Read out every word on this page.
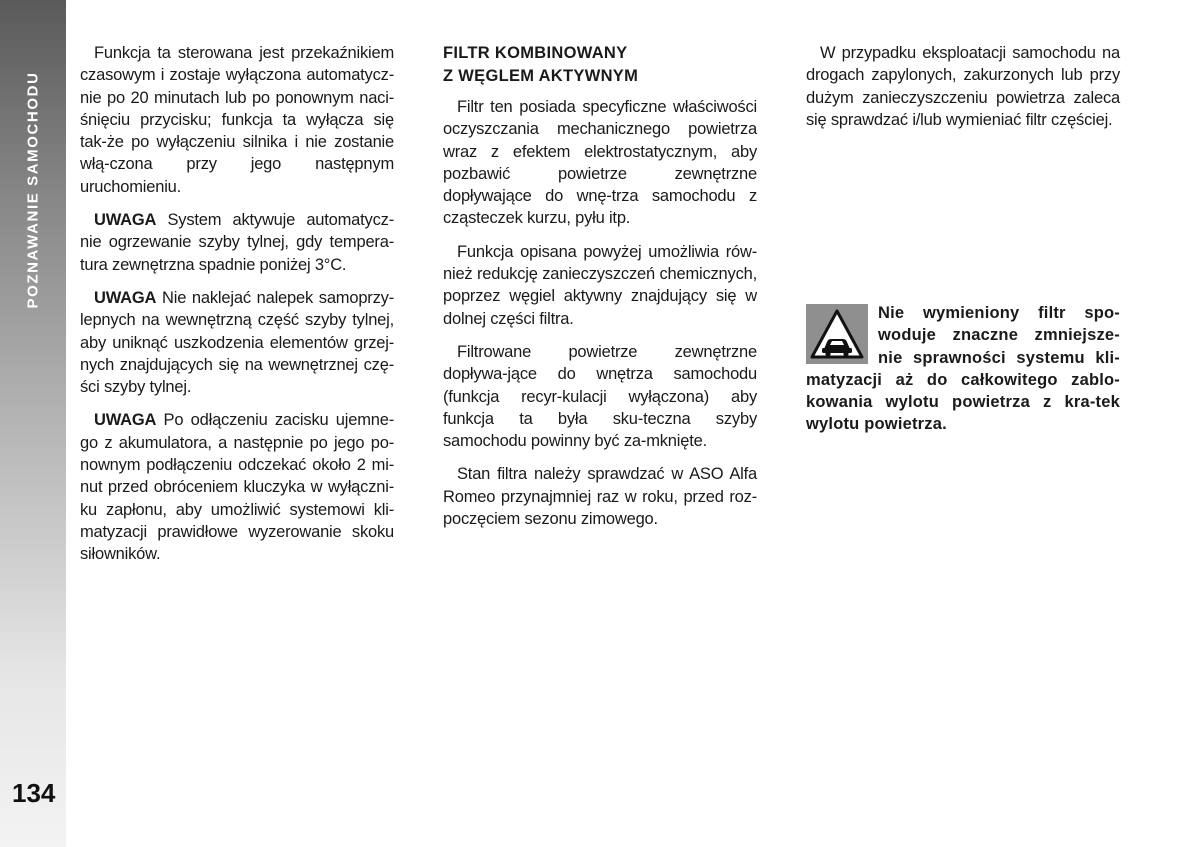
POZNAWANIE SAMOCHODU
134

Funkcja ta sterowana jest przekaźnikiem czasowym i zostaje wyłączona automatycz-nie po 20 minutach lub po ponownym naci-śnięciu przycisku; funkcja ta wyłącza się tak-że po wyłączeniu silnika i nie zostanie włą-czona przy jego następnym uruchomieniu.

UWAGA System aktywuje automatycz-nie ogrzewanie szyby tylnej, gdy tempera-tura zewnętrzna spadnie poniżej 3°C.

UWAGA Nie naklejać nalepek samoprzy-lepnych na wewnętrzną część szyby tylnej, aby uniknąć uszkodzenia elementów grzej-nych znajdujących się na wewnętrznej czę-ści szyby tylnej.

UWAGA Po odłączeniu zacisku ujemne-go z akumulatora, a następnie po jego po-nownym podłączeniu odczekać około 2 mi-nut przed obróceniem kluczyka w wyłączni-ku zapłonu, aby umożliwić systemowi kli-matyzacji prawidłowe wyzerowanie skoku siłowników.

FILTR KOMBINOWANY
Z WĘGLEM AKTYWNYM

Filtr ten posiada specyficzne właściwości oczyszczania mechanicznego powietrza wraz z efektem elektrostatycznym, aby pozbawić powietrze zewnętrzne dopływające do wnę-trza samochodu z cząsteczek kurzu, pyłu itp.

Funkcja opisana powyżej umożliwia rów-nież redukcję zanieczyszczeń chemicznych, poprzez węgiel aktywny znajdujący się w dolnej części filtra.

Filtrowane powietrze zewnętrzne dopływa-jące do wnętrza samochodu (funkcja recyr-kulacji wyłączona) aby funkcja ta była sku-teczna szyby samochodu powinny być za-mknięte.

Stan filtra należy sprawdzać w ASO Alfa Romeo przynajmniej raz w roku, przed roz-poczęciem sezonu zimowego.

W przypadku eksploatacji samochodu na drogach zapylonych, zakurzonych lub przy dużym zanieczyszczeniu powietrza zaleca się sprawdzać i/lub wymieniać filtr częściej.

Nie wymieniony filtr spo-woduje znaczne zmniejsze-nie sprawności systemu kli-matyzacji aż do całkowitego zablo-kowania wylotu powietrza z kra-tek wylotu powietrza.
